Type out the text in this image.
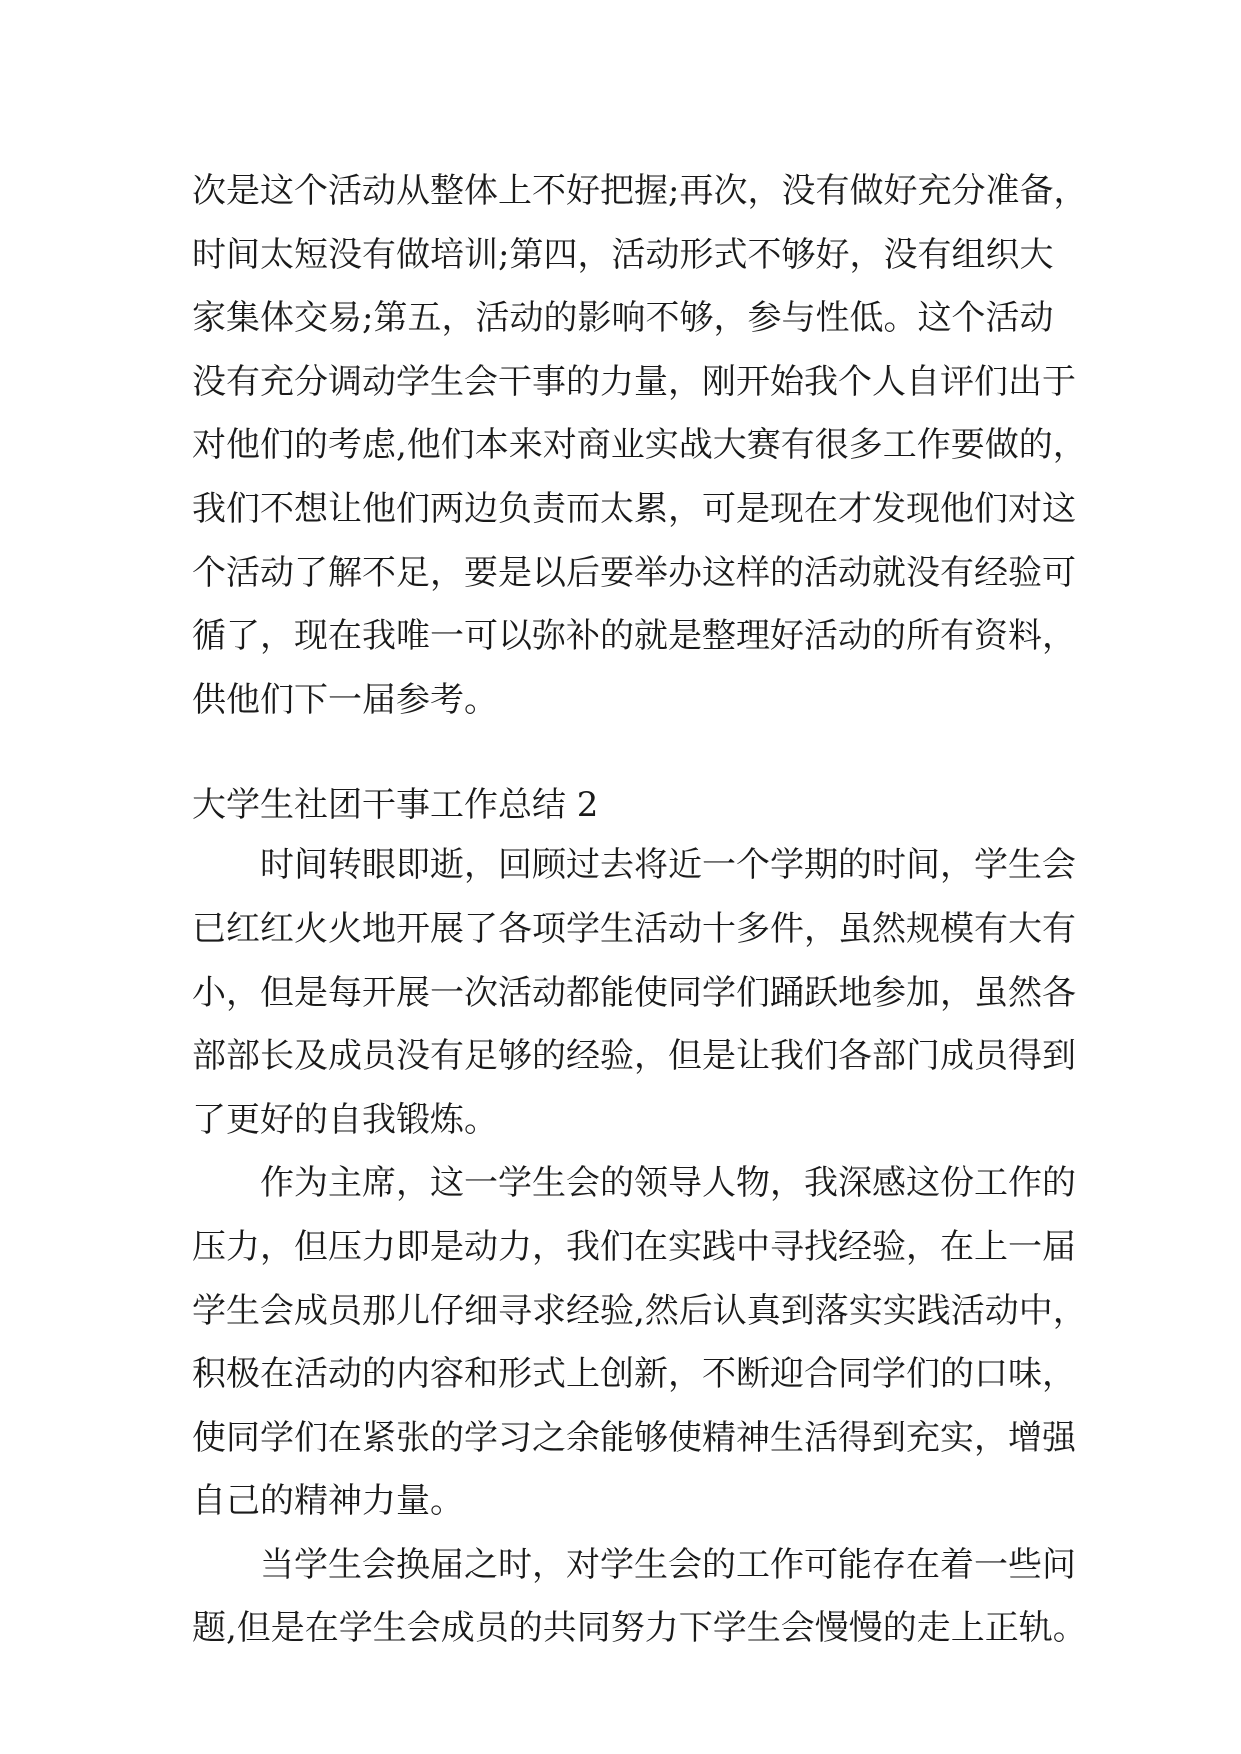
次是这个活动从整体上不好把握;再次，没有做好充分准备，
时间太短没有做培训;第四，活动形式不够好，没有组织大
家集体交易;第五，活动的影响不够，参与性低。这个活动
没有充分调动学生会干事的力量，刚开始我个人自评们出于
对他们的考虑,他们本来对商业实战大赛有很多工作要做的，
我们不想让他们两边负责而太累，可是现在才发现他们对这
个活动了解不足，要是以后要举办这样的活动就没有经验可
循了，现在我唯一可以弥补的就是整理好活动的所有资料，
供他们下一届参考。
大学生社团干事工作总结 2
　　时间转眼即逝，回顾过去将近一个学期的时间，学生会
已红红火火地开展了各项学生活动十多件，虽然规模有大有
小，但是每开展一次活动都能使同学们踊跃地参加，虽然各
部部长及成员没有足够的经验，但是让我们各部门成员得到
了更好的自我锻炼。
　　作为主席，这一学生会的领导人物，我深感这份工作的
压力，但压力即是动力，我们在实践中寻找经验，在上一届
学生会成员那儿仔细寻求经验,然后认真到落实实践活动中，
积极在活动的内容和形式上创新，不断迎合同学们的口味，
使同学们在紧张的学习之余能够使精神生活得到充实，增强
自己的精神力量。
　　当学生会换届之时，对学生会的工作可能存在着一些问
题,但是在学生会成员的共同努力下学生会慢慢的走上正轨。
